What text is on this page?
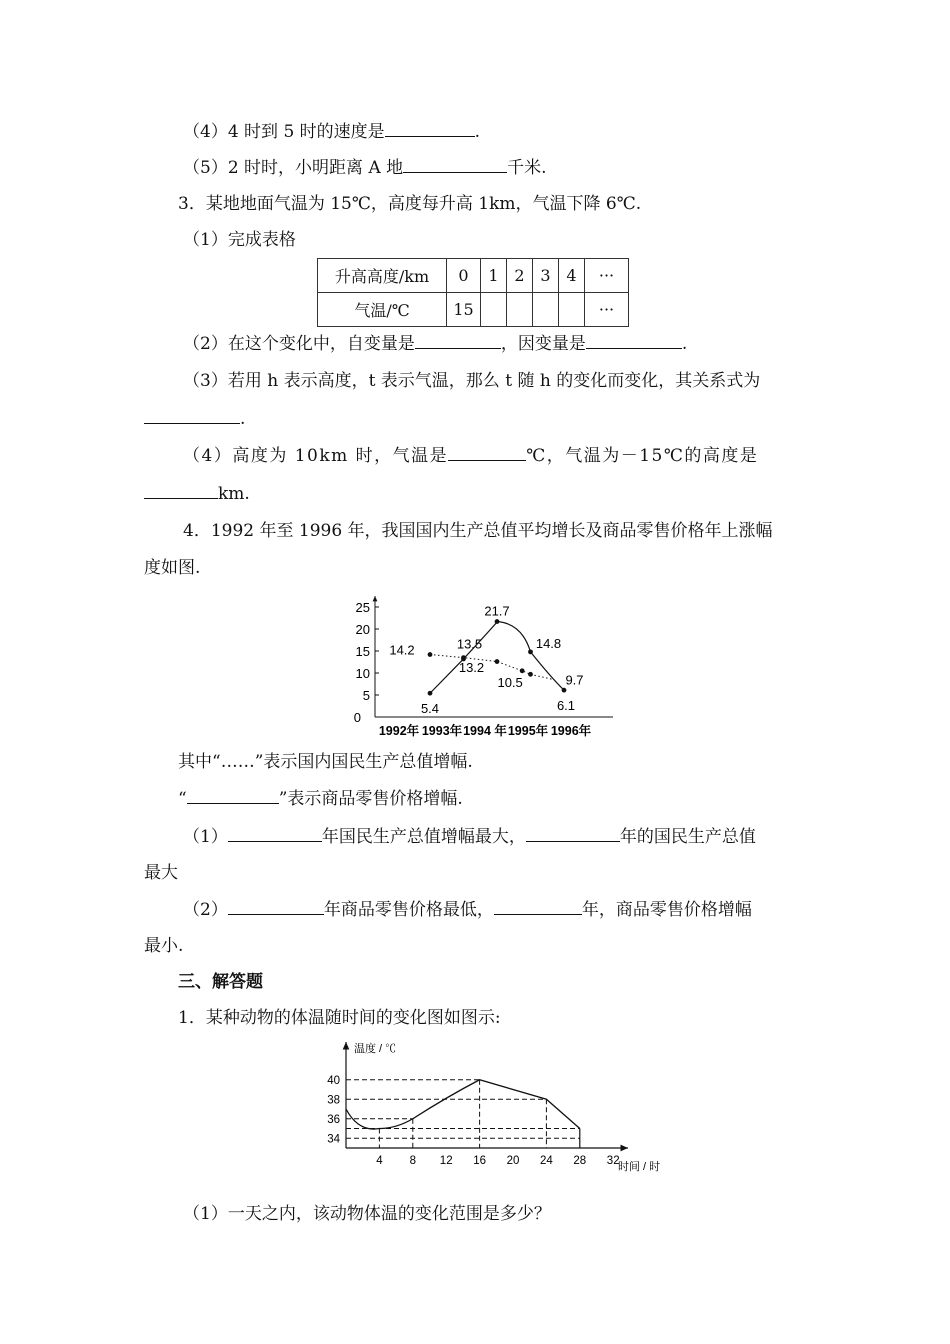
（4）4 时到 5 时的速度是	.
（5）2 时时，小明距离 A 地	千米.
3．某地地面气温为 15℃，高度每升高 1km，气温下降 6℃.
（1）完成表格
升高高度/km	0	1	2	3	4	···
气温/℃	15					···
（2）在这个变化中，自变量是	，因变量是	.
（3）若用 h 表示高度，t 表示气温，那么 t 随 h 的变化而变化，其关系式为
.
（4）高度为 10km 时，气温是	℃，气温为－15℃的高度是
km.
4．1992 年至 1996 年，我国国内生产总值平均增长及商品零售价格年上涨幅
度如图.
0
5
10
15
20
25
1992年 1993年 1994 年 1995年 1996年
5.4
13.2
21.7
14.8
6.1
14.2	13.5
10.5	9.7
其中“……”表示国内国民生产总值增幅.
“	”表示商品零售价格增幅.
（1）	年国民生产总值增幅最大，	年的国民生产总值
最大
（2）	年商品零售价格最低，	年，商品零售价格增幅
最小.
三、解答题
1．某种动物的体温随时间的变化图如图示:
温度 / ℃
时间 / 时
34
36
38
40
4 8 12 16 20 24 28 32
（1）一天之内，该动物体温的变化范围是多少？
